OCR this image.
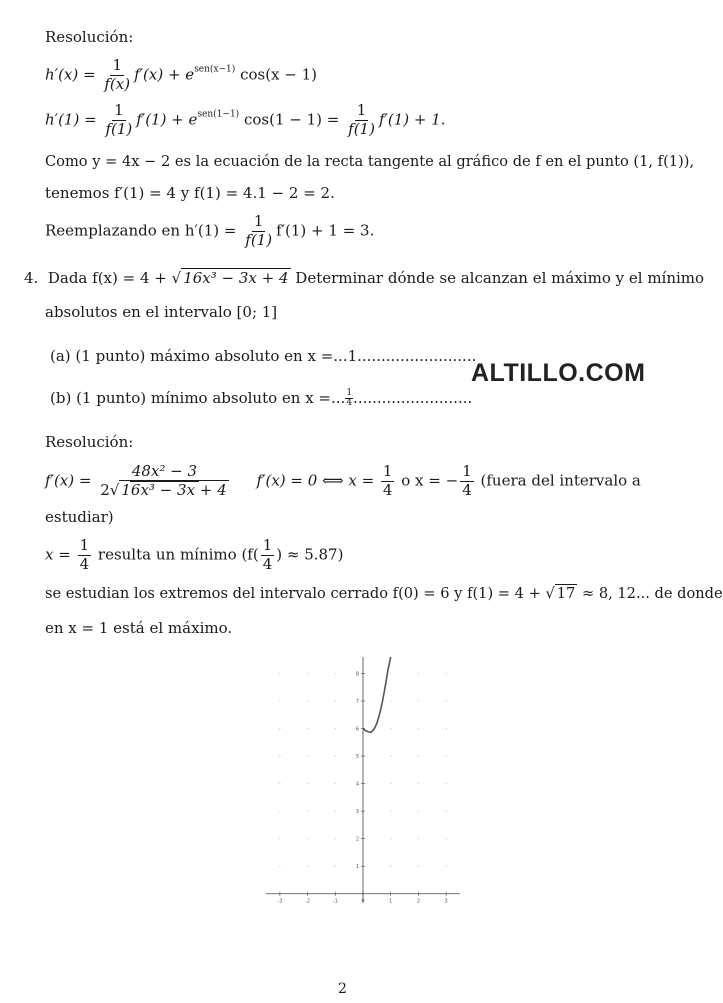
Resolución:
$h'(x) = \frac{1}{f(x)} f'(x) + e^{sen(x-1)}$ cos(x − 1)
$h'(1) = \frac{1}{f(1)} f'(1) + e^{sen(1-1)}$ $\cos(1 - 1) = \frac{1}{f(1)} f'(1) + 1$.
Como y = 4x − 2 es la ecuación de la recta tangente al gráfico de f en el punto (1, f(1)),
tenemos f′(1) = 4 y f(1) = 4.1 − 2 = 2.
Reemplazando en $h'(1) = \frac{1}{f(1)} f'(1) + 1 = 3$.
4. Dada f(x) = 4 + √ 16x³ − 3x + 4 Determinar dónde se alcanzan el máximo y el mínimo
absolutos en el intervalo [0; 1]
(a) (1 punto) máximo absoluto en x =...1.........................
(b) (1 punto) mínimo absoluto en x =... $\frac{1}{4}$ .........................
ALTILLO.COM
Resolución:
$f'(x) = \frac{\text{48x² − 3}}{\text{2√ 16x³ − 3x + 4}} f'(x) = 0$ ⟺ $x = \frac{1}{4}$ o x = − $\frac{1}{4}$ (fuera del intervalo a
estudiar)
$x = \frac{1}{4}$ resulta un mínimo ($f( \frac{1}{4}$ ) ≈ 5.87)
se estudian los extremos del intervalo cerrado f(0) = 6 y f(1) = 4 + √ 17 ≈ 8, 12... de donde
en x = 1 está el máximo.
-3	-2	-1	0	1	2	3
1
2
3
4
5
6
7
8
2
